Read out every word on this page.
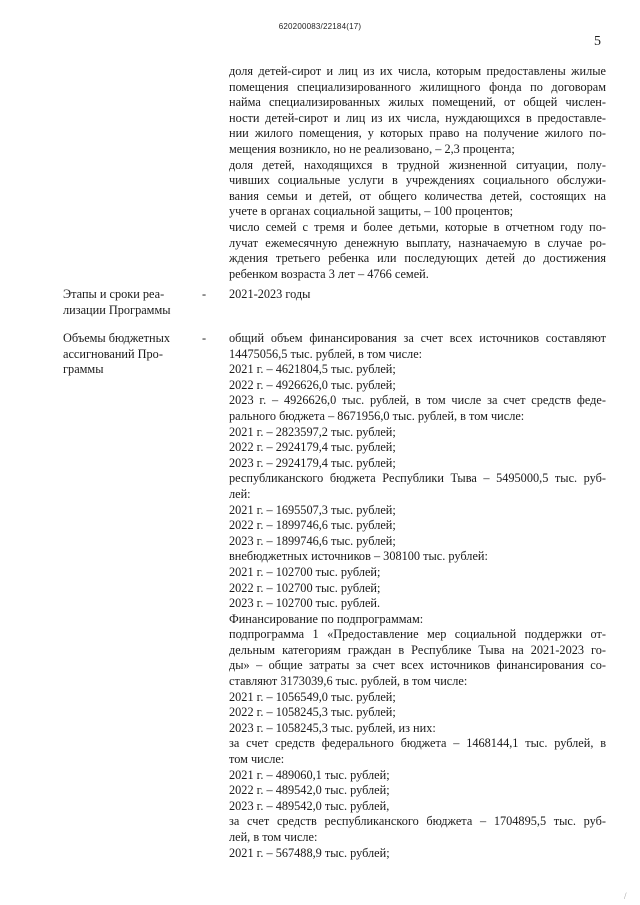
620200083/22184(17)
5
доля детей-сирот и лиц из их числа, которым предоставлены жилые
помещения специализированного жилищного фонда по договорам
найма специализированных жилых помещений, от общей числен-
ности детей-сирот и лиц из их числа, нуждающихся в предоставле-
нии жилого помещения, у которых право на получение жилого по-
мещения возникло, но не реализовано, – 2,3 процента;
доля детей, находящихся в трудной жизненной ситуации, полу-
чивших социальные услуги в учреждениях социального обслужи-
вания семьи и детей, от общего количества детей, состоящих на
учете в органах социальной защиты, – 100 процентов;
число семей с тремя и более детьми, которые в отчетном году по-
лучат ежемесячную денежную выплату, назначаемую в случае ро-
ждения третьего ребенка или последующих детей до достижения
ребенком возраста 3 лет – 4766 семей.
Этапы и сроки реа-
лизации Программы
-	2021-2023 годы
Объемы бюджетных
ассигнований Про-
граммы
-	общий объем финансирования за счет всех источников составляют
14475056,5 тыс. рублей, в том числе:
2021 г. – 4621804,5 тыс. рублей;
2022 г. – 4926626,0 тыс. рублей;
2023 г. – 4926626,0 тыс. рублей, в том числе за счет средств феде-
рального бюджета – 8671956,0 тыс. рублей, в том числе:
2021 г. – 2823597,2 тыс. рублей;
2022 г. – 2924179,4 тыс. рублей;
2023 г. – 2924179,4 тыс. рублей;
республиканского бюджета Республики Тыва – 5495000,5 тыс. руб-
лей:
2021 г. – 1695507,3 тыс. рублей;
2022 г. – 1899746,6 тыс. рублей;
2023 г. – 1899746,6 тыс. рублей;
внебюджетных источников – 308100 тыс. рублей:
2021 г. – 102700 тыс. рублей;
2022 г. – 102700 тыс. рублей;
2023 г. – 102700 тыс. рублей.
Финансирование по подпрограммам:
подпрограмма 1 «Предоставление мер социальной поддержки от-
дельным категориям граждан в Республике Тыва на 2021-2023 го-
ды» – общие затраты за счет всех источников финансирования со-
ставляют 3173039,6 тыс. рублей, в том числе:
2021 г. – 1056549,0 тыс. рублей;
2022 г. – 1058245,3 тыс. рублей;
2023 г. – 1058245,3 тыс. рублей, из них:
за счет средств федерального бюджета – 1468144,1 тыс. рублей, в
том числе:
2021 г. – 489060,1 тыс. рублей;
2022 г. – 489542,0 тыс. рублей;
2023 г. – 489542,0 тыс. рублей,
за счет средств республиканского бюджета – 1704895,5 тыс. руб-
лей, в том числе:
2021 г. – 567488,9 тыс. рублей;
/
